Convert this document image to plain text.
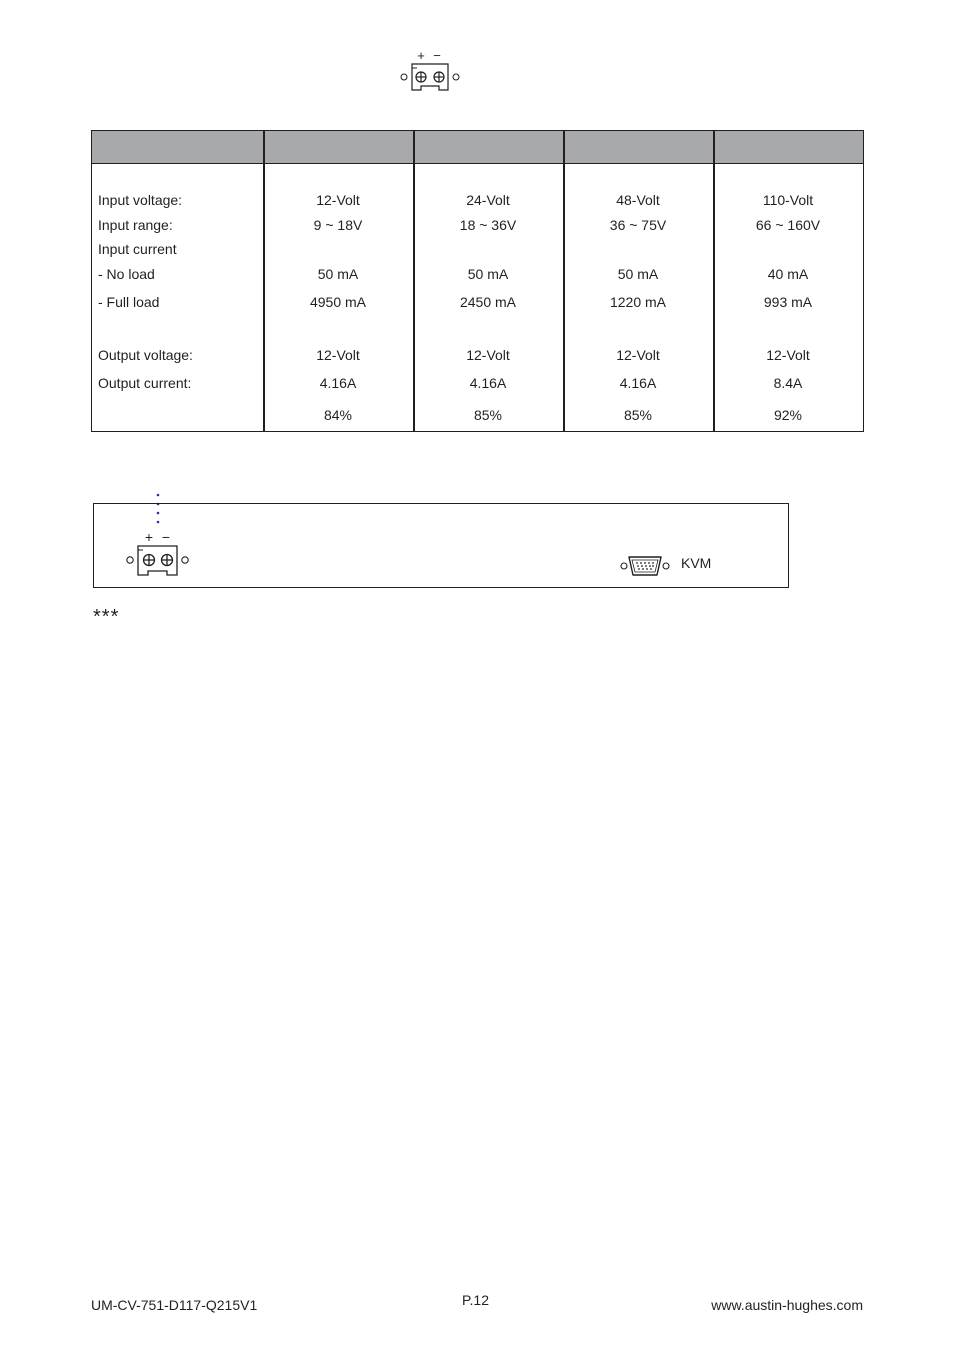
+ −
Input voltage:
Input range:
Input current
- No load
- Full load
Output voltage:
Output current:
12-Volt
9 ~ 18V
50 mA
4950 mA
12-Volt
4.16A
84%
24-Volt
18 ~ 36V
50 mA
2450 mA
12-Volt
4.16A
85%
48-Volt
36 ~ 75V
50 mA
1220 mA
12-Volt
4.16A
85%
110-Volt
66 ~ 160V
40 mA
993 mA
12-Volt
8.4A
92%
+ −
KVM
***
UM-CV-751-D117-Q215V1	P.12	www.austin-hughes.com
